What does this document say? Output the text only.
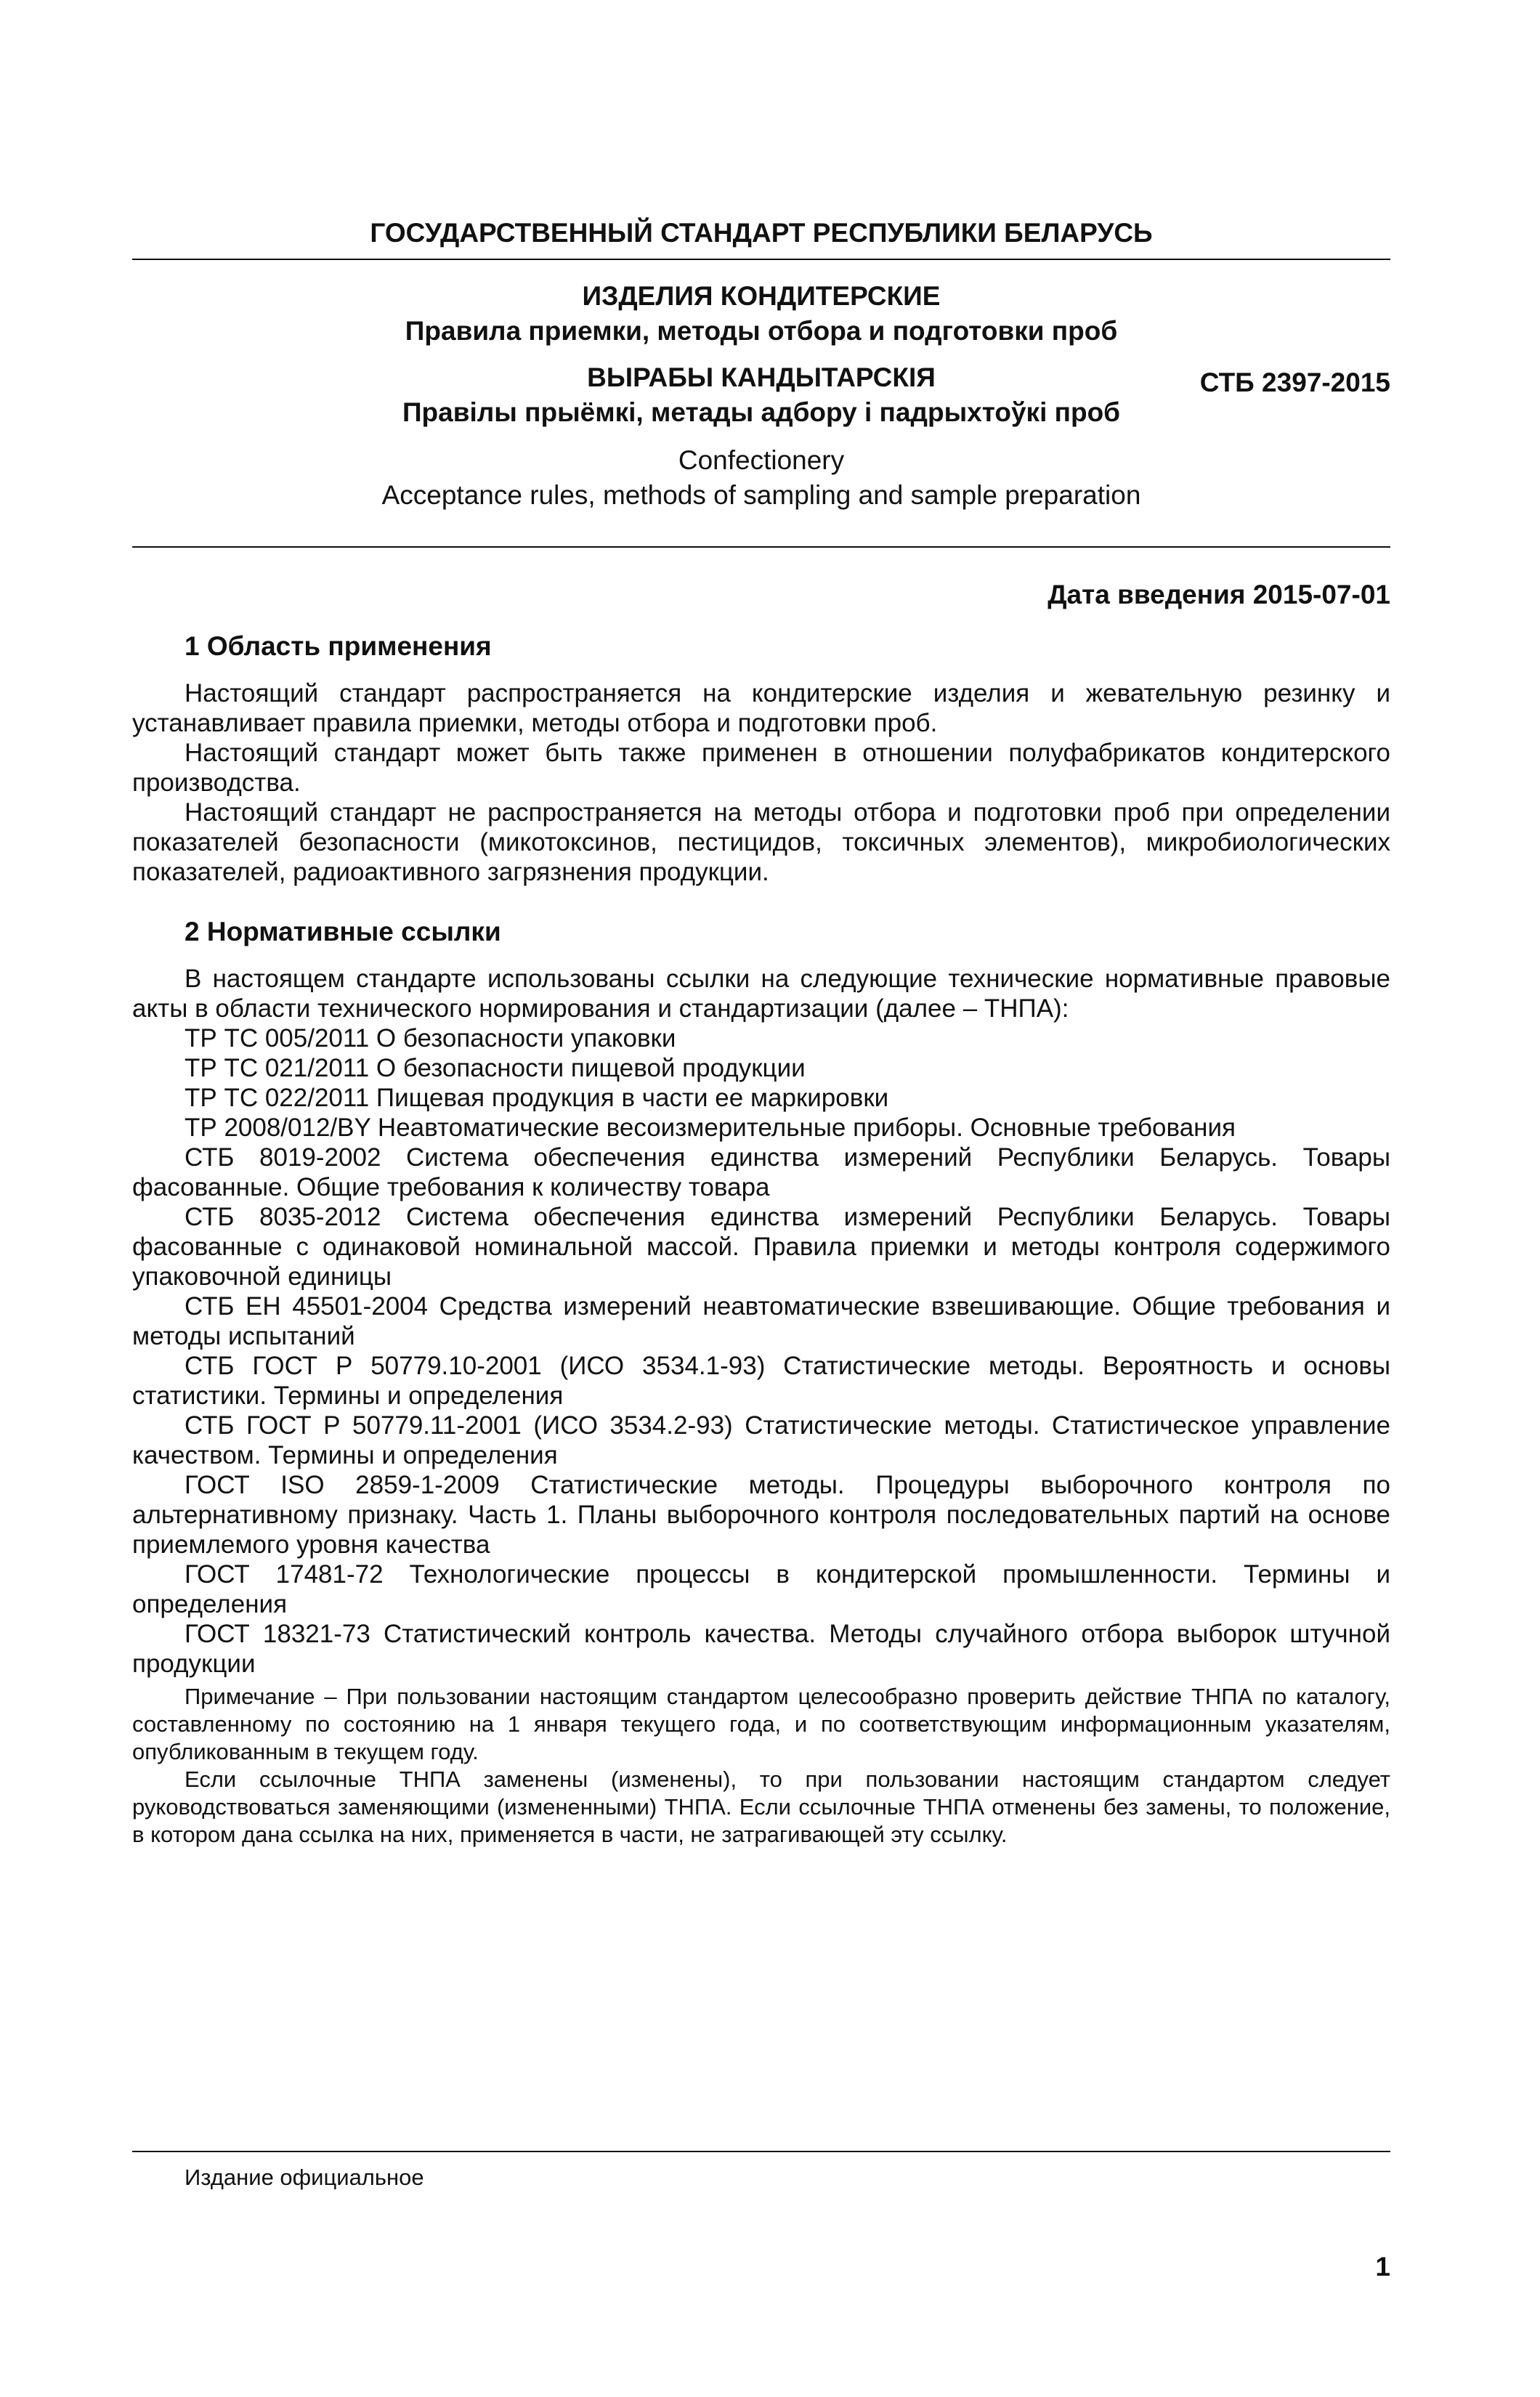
СТБ 2397-2015
ГОСУДАРСТВЕННЫЙ СТАНДАРТ РЕСПУБЛИКИ БЕЛАРУСЬ
ИЗДЕЛИЯ КОНДИТЕРСКИЕ
Правила приемки, методы отбора и подготовки проб
ВЫРАБЫ КАНДЫТАРСКІЯ
Правілы прыёмкі, метады адбору і падрыхтоўкі проб
Confectionery
Acceptance rules, methods of sampling and sample preparation
Дата введения 2015-07-01
1 Область применения

Настоящий стандарт распространяется на кондитерские изделия и жевательную резинку и устанавливает правила приемки, методы отбора и подготовки проб.

Настоящий стандарт может быть также применен в отношении полуфабрикатов кондитерского производства.

Настоящий стандарт не распространяется на методы отбора и подготовки проб при определении показателей безопасности (микотоксинов, пестицидов, токсичных элементов), микробиологических показателей, радиоактивного загрязнения продукции.

2 Нормативные ссылки

В настоящем стандарте использованы ссылки на следующие технические нормативные правовые акты в области технического нормирования и стандартизации (далее – ТНПА):

ТР ТС 005/2011 О безопасности упаковки

ТР ТС 021/2011 О безопасности пищевой продукции

ТР ТС 022/2011 Пищевая продукция в части ее маркировки

ТР 2008/012/BY Неавтоматические весоизмерительные приборы. Основные требования

СТБ 8019-2002 Система обеспечения единства измерений Республики Беларусь. Товары фасованные. Общие требования к количеству товара

СТБ 8035-2012 Система обеспечения единства измерений Республики Беларусь. Товары фасованные с одинаковой номинальной массой. Правила приемки и методы контроля содержимого упаковочной единицы

СТБ ЕН 45501-2004 Средства измерений неавтоматические взвешивающие. Общие требования и методы испытаний

СТБ ГОСТ Р 50779.10-2001 (ИСО 3534.1-93) Статистические методы. Вероятность и основы статистики. Термины и определения

СТБ ГОСТ Р 50779.11-2001 (ИСО 3534.2-93) Статистические методы. Статистическое управление качеством. Термины и определения

ГОСТ ISO 2859-1-2009 Статистические методы. Процедуры выборочного контроля по альтернативному признаку. Часть 1. Планы выборочного контроля последовательных партий на основе приемлемого уровня качества

ГОСТ 17481-72 Технологические процессы в кондитерской промышленности. Термины и определения

ГОСТ 18321-73 Статистический контроль качества. Методы случайного отбора выборок штучной продукции

Примечание – При пользовании настоящим стандартом целесообразно проверить действие ТНПА по каталогу, составленному по состоянию на 1 января текущего года, и по соответствующим информационным указателям, опубликованным в текущем году.

Если ссылочные ТНПА заменены (изменены), то при пользовании настоящим стандартом следует руководствоваться заменяющими (измененными) ТНПА. Если ссылочные ТНПА отменены без замены, то положение, в котором дана ссылка на них, применяется в части, не затрагивающей эту ссылку.

Издание официальное
1
